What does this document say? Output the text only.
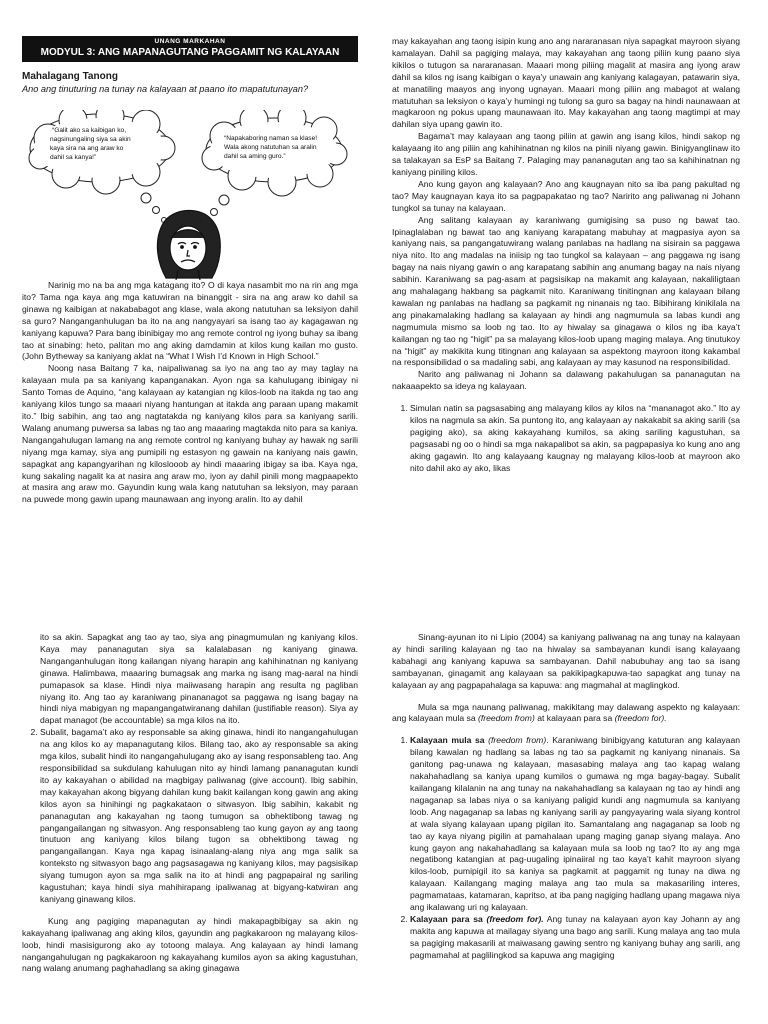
UNANG MARKAHAN
MODYUL 3: ANG MAPANAGUTANG PAGGAMIT NG KALAYAAN
Mahalagang Tanong
Ano ang tinuturing na tunay na kalayaan at paano ito mapatutunayan?
“Galit ako sa kaibigan ko, nagsinungaling siya sa akin kaya sira na ang araw ko dahil sa kanya!”
“Napakaboring naman sa klase! Wala akong natutuhan sa aralin dahil sa aming guro.”

Narinig mo na ba ang mga katagang ito? O di kaya nasambit mo na rin ang mga ito? Tama nga kaya ang mga katuwiran na binanggit - sira na ang araw ko dahil sa ginawa ng kaibigan at nakababagot ang klase, wala akong natutuhan sa leksiyon dahil sa guro? Nanganganhulugan ba ito na ang nangyayari sa isang tao ay kagagawan ng kaniyang kapuwa? Para bang ibinibigay mo ang remote control ng iyong buhay sa ibang tao at sinabing: heto, palitan mo ang aking damdamin at kilos kung kailan mo gusto. (John Bytheway sa kaniyang aklat na “What I Wish I’d Known in High School.”

Noong nasa Baitang 7 ka, naipaliwanag sa iyo na ang tao ay may taglay na kalayaan mula pa sa kaniyang kapanganakan. Ayon nga sa kahulugang ibinigay ni Santo Tomas de Aquino, “ang kalayaan ay katangian ng kilos-loob na itakda ng tao ang kaniyang kilos tungo sa maaari niyang hantungan at itakda ang paraan upang makamit ito.” Ibig sabihin, ang tao ang nagtatakda ng kaniyang kilos para sa kaniyang sarili. Walang anumang puwersa sa labas ng tao ang maaaring magtakda nito para sa kaniya. Nangangahulugan lamang na ang remote control ng kaniyang buhay ay hawak ng sarili niyang mga kamay, siya ang pumipili ng estasyon ng gawain na kaniyang nais gawin, sapagkat ang kapangyarihan ng kiloslooob ay hindi maaaring ibigay sa iba. Kaya nga, kung sakaling nagalit ka at nasira ang araw mo, iyon ay dahil pinili mong magpaapekto at masira ang araw mo. Gayundin kung wala kang natutuhan sa leksiyon, may paraan na puwede mong gawin upang maunawaan ang inyong aralin. Ito ay dahil

may kakayahan ang taong isipin kung ano ang nararanasan niya sapagkat mayroon siyang kamalayan. Dahil sa pagiging malaya, may kakayahan ang taong piliin kung paano siya kikilos o tutugon sa nararanasan. Maaari mong piliing magalit at masira ang iyong araw dahil sa kilos ng isang kaibigan o kaya’y unawain ang kaniyang kalagayan, patawarin siya, at manatiling maayos ang inyong ugnayan. Maaari mong piliin ang mabagot at walang matutuhan sa leksiyon o kaya’y humingi ng tulong sa guro sa bagay na hindi naunawaan at magkaroon ng pokus upang maunawaan ito. May kakayahan ang taong magtimpi at may dahilan siya upang gawin ito.

Bagama’t may kalayaan ang taong piliin at gawin ang isang kilos, hindi sakop ng kalayaang ito ang piliin ang kahihinatnan ng kilos na pinili niyang gawin. Binigyanglinaw ito sa talakayan sa EsP sa Baitang 7. Palaging may pananagutan ang tao sa kahihinatnan ng kaniyang piniling kilos.

Ano kung gayon ang kalayaan? Ano ang kaugnayan nito sa iba pang pakultad ng tao? May kaugnayan kaya ito sa pagpapakatao ng tao? Naririto ang paliwanag ni Johann tungkol sa tunay na kalayaan.

Ang salitang kalayaan ay karaniwang gumigising sa puso ng bawat tao. Ipinaglalaban ng bawat tao ang kaniyang karapatang mabuhay at magpasiya ayon sa kaniyang nais, sa pangangatuwirang walang panlabas na hadlang na sisirain sa paggawa niya nito. Ito ang madalas na iniisip ng tao tungkol sa kalayaan – ang paggawa ng isang bagay na nais niyang gawin o ang karapatang sabihin ang anumang bagay na nais niyang sabihin. Karaniwang sa pag-asam at pagsisikap na makamit ang kalayaan, nakaliligtaan ang mahalagang hakbang sa pagkamit nito. Karaniwang tinitingnan ang kalayaan bilang kawalan ng panlabas na hadlang sa pagkamit ng ninanais ng tao. Bibihirang kinikilala na ang pinakamalaking hadlang sa kalayaan ay hindi ang nagmumula sa labas kundi ang nagmumula mismo sa loob ng tao. Ito ay hiwalay sa ginagawa o kilos ng iba kaya’t kailangan ng tao ng “higit” pa sa malayang kilos-loob upang maging malaya. Ang tinutukoy na “higit” ay makikita kung titingnan ang kalayaan sa aspektong mayroon itong kakambal na responsibilidad o sa madaling sabi, ang kalayaan ay may kasunod na responsibilidad.

Narito ang paliwanag ni Johann sa dalawang pakahulugan sa pananagutan na nakaaapekto sa ideya ng kalayaan.

1. Simulan natin sa pagsasabing ang malayang kilos ay kilos na “mananagot ako.” Ito ay kilos na nagmula sa akin. Sa puntong ito, ang kalayaan ay nakakabit sa aking sarili (sa pagiging ako), sa aking kakayahang kumilos, sa aking sariling kagustuhan, sa pagsasabi ng oo o hindi sa mga nakapalibot sa akin, sa pagpapasiya ko kung ano ang aking gagawin. Ito ang kalayaang kaugnay ng malayang kilos-loob at mayroon ako nito dahil ako ay ako, likas

ito sa akin. Sapagkat ang tao ay tao, siya ang pinagmumulan ng kaniyang kilos. Kaya may pananagutan siya sa kalalabasan ng kaniyang ginawa. Nanganganhulugan itong kailangan niyang harapin ang kahihinatnan ng kaniyang ginawa. Halimbawa, maaaring bumagsak ang marka ng isang mag-aaral na hindi pumapasok sa klase. Hindi niya maiiwasang harapin ang resulta ng pagliban niyang ito. Ang tao ay karaniwang pinananagot sa paggawa ng isang bagay na hindi niya mabigyan ng mapangangatwiranang dahilan (justifiable reason). Siya ay dapat managot (be accountable) sa mga kilos na ito.

2. Subalit, bagama’t ako ay responsable sa aking ginawa, hindi ito nangangahulugan na ang kilos ko ay mapanagutang kilos. Bilang tao, ako ay responsable sa aking mga kilos, subalit hindi ito nangangahulugang ako ay isang responsableng tao. Ang responsibilidad sa sukdulang kahulugan nito ay hindi lamang pananagutan kundi ito ay kakayahan o abilidad na magbigay paliwanag (give account). Ibig sabihin, may kakayahan akong bigyang dahilan kung bakit kailangan kong gawin ang aking kilos ayon sa hinihingi ng pagkakataon o sitwasyon. Ibig sabihin, kakabit ng pananagutan ang kakayahan ng taong tumugon sa obhektibong tawag ng pangangailangan ng sitwasyon. Ang responsableng tao kung gayon ay ang taong tinutuon ang kaniyang kilos bilang tugon sa obhektibong tawag ng pangangailangan. Kaya nga kapag isinaalang-alang niya ang mga salik sa konteksto ng sitwasyon bago ang pagsasagawa ng kaniyang kilos, may pagsisikap siyang tumugon ayon sa mga salik na ito at hindi ang pagpapairal ng sariling kagustuhan; kaya hindi siya mahihirapang ipaliwanag at bigyang-katwiran ang kaniyang ginawang kilos.

Kung ang pagiging mapanagutan ay hindi makapagbibigay sa akin ng kakayahang ipaliwanag ang aking kilos, gayundin ang pagkakaroon ng malayang kilos-loob, hindi masisigurong ako ay totoong malaya. Ang kalayaan ay hindi lamang nangangahulugan ng pagkakaroon ng kakayahang kumilos ayon sa aking kagustuhan, nang walang anumang paghahadlang sa aking ginagawa

Sinang-ayunan ito ni Lipio (2004) sa kaniyang paliwanag na ang tunay na kalayaan ay hindi sariling kalayaan ng tao na hiwalay sa sambayanan kundi isang kalayaang kabahagi ang kaniyang kapuwa sa sambayanan. Dahil nabubuhay ang tao sa isang sambayanan, ginagamit ang kalayaan sa pakikipagkapuwa-tao sapagkat ang tunay na kalayaan ay ang pagpapahalaga sa kapuwa: ang magmahal at maglingkod.

Mula sa mga naunang paliwanag, makikitang may dalawang aspekto ng kalayaan: ang kalayaan mula sa (freedom from) at kalayaan para sa (freedom for).

1. Kalayaan mula sa (freedom from). Karaniwang binibigyang katuturan ang kalayaan bilang kawalan ng hadlang sa labas ng tao sa pagkamit ng kaniyang ninanais. Sa ganitong pag-unawa ng kalayaan, masasabing malaya ang tao kapag walang nakahahadlang sa kaniya upang kumilos o gumawa ng mga bagay-bagay. Subalit kailangang kilalanin na ang tunay na nakahahadlang sa kalayaan ng tao ay hindi ang nagaganap sa labas niya o sa kaniyang paligid kundi ang nagmumula sa kaniyang loob. Ang nagaganap sa labas ng kaniyang sarili ay pangyayaring wala siyang kontrol at wala siyang kalayaan upang pigilan ito. Samantalang ang nagaganap sa loob ng tao ay kaya niyang pigilin at pamahalaan upang maging ganap siyang malaya. Ano kung gayon ang nakahahadlang sa kalayaan mula sa loob ng tao? Ito ay ang mga negatibong katangian at pag-uugaling ipinaiiral ng tao kaya’t kahit mayroon siyang kilos-loob, pumipigil ito sa kaniya sa pagkamit at paggamit ng tunay na diwa ng kalayaan. Kailangang maging malaya ang tao mula sa makasariling interes, pagmamataas, katamaran, kapritso, at iba pang nagiging hadlang upang magawa niya ang ikalawang uri ng kalayaan.
2. Kalayaan para sa (freedom for). Ang tunay na kalayaan ayon kay Johann ay ang makita ang kapuwa at mailagay siyang una bago ang sarili. Kung malaya ang tao mula sa pagiging makasarili at maiwasang gawing sentro ng kaniyang buhay ang sarili, ang pagmamahal at paglilingkod sa kapuwa ang magiging
